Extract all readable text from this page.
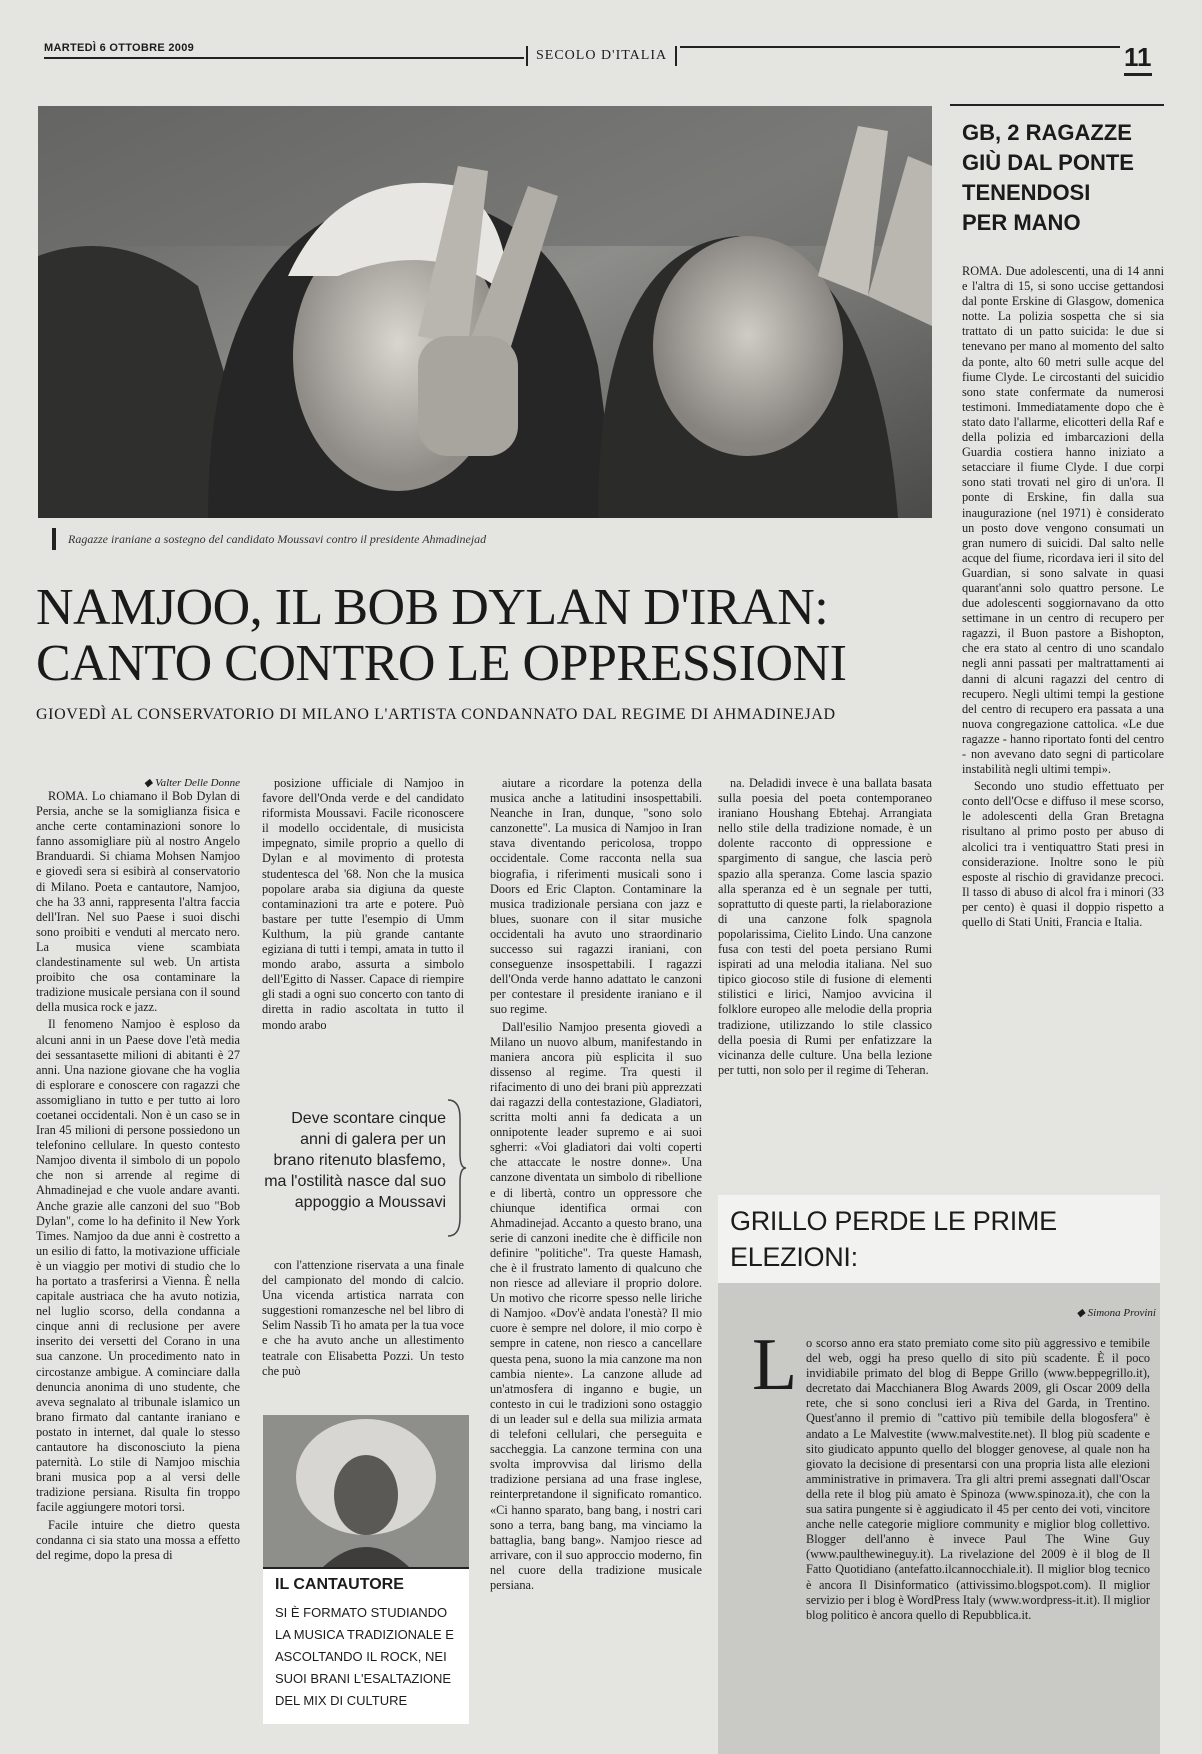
MARTEDÌ 6 OTTOBRE 2009	SECOLO D'ITALIA	11
Ragazze iraniane a sostegno del candidato Moussavi contro il presidente Ahmadinejad
NAMJOO, IL BOB DYLAN D'IRAN:
CANTO CONTRO LE OPPRESSIONI
GIOVEDÌ AL CONSERVATORIO DI MILANO L'ARTISTA CONDANNATO DAL REGIME DI AHMADINEJAD
◆ Valter Delle Donne

ROMA. Lo chiamano il Bob Dylan di Persia, anche se la somiglianza fisica e anche certe contaminazioni sonore lo fanno assomigliare più al nostro Angelo Branduardi. Si chiama Mohsen Namjoo e giovedì sera si esibirà al conservatorio di Milano. Poeta e cantautore, Namjoo, che ha 33 anni, rappresenta l'altra faccia dell'Iran. Nel suo Paese i suoi dischi sono proibiti e venduti al mercato nero. La musica viene scambiata clandestinamente sul web. Un artista proibito che osa contaminare la tradizione musicale persiana con il sound della musica rock e jazz.

Il fenomeno Namjoo è esploso da alcuni anni in un Paese dove l'età media dei sessantasette milioni di abitanti è 27 anni. Una nazione giovane che ha voglia di esplorare e conoscere con ragazzi che assomigliano in tutto e per tutto ai loro coetanei occidentali. Non è un caso se in Iran 45 milioni di persone possiedono un telefonino cellulare. In questo contesto Namjoo diventa il simbolo di un popolo che non si arrende al regime di Ahmadinejad e che vuole andare avanti. Anche grazie alle canzoni del suo "Bob Dylan", come lo ha definito il New York Times. Namjoo da due anni è costretto a un esilio di fatto, la motivazione ufficiale è un viaggio per motivi di studio che lo ha portato a trasferirsi a Vienna. È nella capitale austriaca che ha avuto notizia, nel luglio scorso, della condanna a cinque anni di reclusione per avere inserito dei versetti del Corano in una sua canzone. Un procedimento nato in circostanze ambigue. A cominciare dalla denuncia anonima di uno studente, che aveva segnalato al tribunale islamico un brano firmato dal cantante iraniano e postato in internet, dal quale lo stesso cantautore ha disconosciuto la piena paternità. Lo stile di Namjoo mischia brani musica pop a al versi delle tradizione persiana. Risulta fin troppo facile aggiungere motori torsi.

Facile intuire che dietro questa condanna ci sia stato una mossa a effetto del regime, dopo la presa di

posizione ufficiale di Namjoo in favore dell'Onda verde e del candidato riformista Moussavi. Facile riconoscere il modello occidentale, di musicista impegnato, simile proprio a quello di Dylan e al movimento di protesta studentesca del '68. Non che la musica popolare araba sia digiuna da queste contaminazioni tra arte e potere. Può bastare per tutte l'esempio di Umm Kulthum, la più grande cantante egiziana di tutti i tempi, amata in tutto il mondo arabo, assurta a simbolo dell'Egitto di Nasser. Capace di riempire gli stadi a ogni suo concerto con tanto di diretta in radio ascoltata in tutto il mondo arabo

Deve scontare cinque anni di galera per un brano ritenuto blasfemo, ma l'ostilità nasce dal suo appoggio a Moussavi

con l'attenzione riservata a una finale del campionato del mondo di calcio. Una vicenda artistica narrata con suggestioni romanzesche nel bel libro di Selim Nassib Ti ho amata per la tua voce e che ha avuto anche un allestimento teatrale con Elisabetta Pozzi. Un testo che può

IL CANTAUTORE
SI È FORMATO STUDIANDO LA MUSICA TRADIZIONALE E ASCOLTANDO IL ROCK, NEI SUOI BRANI L'ESALTAZIONE DEL MIX DI CULTURE

aiutare a ricordare la potenza della musica anche a latitudini insospettabili. Neanche in Iran, dunque, "sono solo canzonette". La musica di Namjoo in Iran stava diventando pericolosa, troppo occidentale. Come racconta nella sua biografia, i riferimenti musicali sono i Doors ed Eric Clapton. Contaminare la musica tradizionale persiana con jazz e blues, suonare con il sitar musiche occidentali ha avuto uno straordinario successo sui ragazzi iraniani, con conseguenze insospettabili. I ragazzi dell'Onda verde hanno adattato le canzoni per contestare il presidente iraniano e il suo regime.

Dall'esilio Namjoo presenta giovedì a Milano un nuovo album, manifestando in maniera ancora più esplicita il suo dissenso al regime. Tra questi il rifacimento di uno dei brani più apprezzati dai ragazzi della contestazione, Gladiatori, scritta molti anni fa dedicata a un onnipotente leader supremo e ai suoi sgherri: «Voi gladiatori dai volti coperti che attaccate le nostre donne». Una canzone diventata un simbolo di ribellione e di libertà, contro un oppressore che chiunque identifica ormai con Ahmadinejad. Accanto a questo brano, una serie di canzoni inedite che è difficile non definire "politiche". Tra queste Hamash, che è il frustrato lamento di qualcuno che non riesce ad alleviare il proprio dolore. Un motivo che ricorre spesso nelle liriche di Namjoo. «Dov'è andata l'onestà? Il mio cuore è sempre nel dolore, il mio corpo è sempre in catene, non riesco a cancellare questa pena, suono la mia canzone ma non cambia niente». La canzone allude ad un'atmosfera di inganno e bugie, un contesto in cui le tradizioni sono ostaggio di un leader sul e della sua milizia armata di telefoni cellulari, che perseguita e saccheggia. La canzone termina con una svolta improvvisa dal lirismo della tradizione persiana ad una frase inglese, reinterpretandone il significato romantico. «Ci hanno sparato, bang bang, i nostri cari sono a terra, bang bang, ma vinciamo la battaglia, bang bang». Namjoo riesce ad arrivare, con il suo approccio moderno, fin nel cuore della tradizione musicale persiana.

na. Deladidi invece è una ballata basata sulla poesia del poeta contemporaneo iraniano Houshang Ebtehaj. Arrangiata nello stile della tradizione nomade, è un dolente racconto di oppressione e spargimento di sangue, che lascia però spazio alla speranza. Come lascia spazio alla speranza ed è un segnale per tutti, soprattutto di queste parti, la rielaborazione di una canzone folk spagnola popolarissima, Cielito Lindo. Una canzone fusa con testi del poeta persiano Rumi ispirati ad una melodia italiana. Nel suo tipico giocoso stile di fusione di elementi stilistici e lirici, Namjoo avvicina il folklore europeo alle melodie della propria tradizione, utilizzando lo stile classico della poesia di Rumi per enfatizzare la vicinanza delle culture. Una bella lezione per tutti, non solo per il regime di Teheran.

GB, 2 RAGAZZE
GIÙ DAL PONTE
TENENDOSI
PER MANO

ROMA. Due adolescenti, una di 14 anni e l'altra di 15, si sono uccise gettandosi dal ponte Erskine di Glasgow, domenica notte. La polizia sospetta che si sia trattato di un patto suicida: le due si tenevano per mano al momento del salto da ponte, alto 60 metri sulle acque del fiume Clyde. Le circostanti del suicidio sono state confermate da numerosi testimoni. Immediatamente dopo che è stato dato l'allarme, elicotteri della Raf e della polizia ed imbarcazioni della Guardia costiera hanno iniziato a setacciare il fiume Clyde. I due corpi sono stati trovati nel giro di un'ora. Il ponte di Erskine, fin dalla sua inaugurazione (nel 1971) è considerato un posto dove vengono consumati un gran numero di suicidi. Dal salto nelle acque del fiume, ricordava ieri il sito del Guardian, si sono salvate in quasi quarant'anni solo quattro persone. Le due adolescenti soggiornavano da otto settimane in un centro di recupero per ragazzi, il Buon pastore a Bishopton, che era stato al centro di uno scandalo negli anni passati per maltrattamenti ai danni di alcuni ragazzi del centro di recupero. Negli ultimi tempi la gestione del centro di recupero era passata a una nuova congregazione cattolica. «Le due ragazze - hanno riportato fonti del centro - non avevano dato segni di particolare instabilità negli ultimi tempi».

Secondo uno studio effettuato per conto dell'Ocse e diffuso il mese scorso, le adolescenti della Gran Bretagna risultano al primo posto per abuso di alcolici tra i ventiquattro Stati presi in considerazione. Inoltre sono le più esposte al rischio di gravidanze precoci. Il tasso di abuso di alcol fra i minori (33 per cento) è quasi il doppio rispetto a quello di Stati Uniti, Francia e Italia.

GRILLO PERDE LE PRIME ELEZIONI:
◆ Simona Provini
L o scorso anno era stato premiato come sito più aggressivo e temibile del web, oggi ha preso quello di sito più scadente. È il poco invidiabile primato del blog di Beppe Grillo (www.beppegrillo.it), decretato dai Macchianera Blog Awards 2009, gli Oscar 2009 della rete, che si sono conclusi ieri a Riva del Garda, in Trentino. Quest'anno il premio di "cattivo più temibile della blogosfera" è andato a Le Malvestite (www.malvestite.net). Il blog più scadente e sito giudicato appunto quello del blogger genovese, al quale non ha giovato la decisione di presentarsi con una propria lista alle elezioni amministrative in primavera. Tra gli altri premi assegnati dall'Oscar della rete il blog più amato è Spinoza (www.spinoza.it), che con la sua satira pungente si è aggiudicato il 45 per cento dei voti, vincitore anche nelle categorie migliore community e miglior blog collettivo. Blogger dell'anno è invece Paul The Wine Guy (www.paulthewineguy.it). La rivelazione del 2009 è il blog de Il Fatto Quotidiano (antefatto.ilcannocchiale.it). Il miglior blog tecnico è ancora Il Disinformatico (attivissimo.blogspot.com). Il miglior servizio per i blog è WordPress Italy (www.wordpress-it.it). Il miglior blog politico è ancora quello di Repubblica.it.
